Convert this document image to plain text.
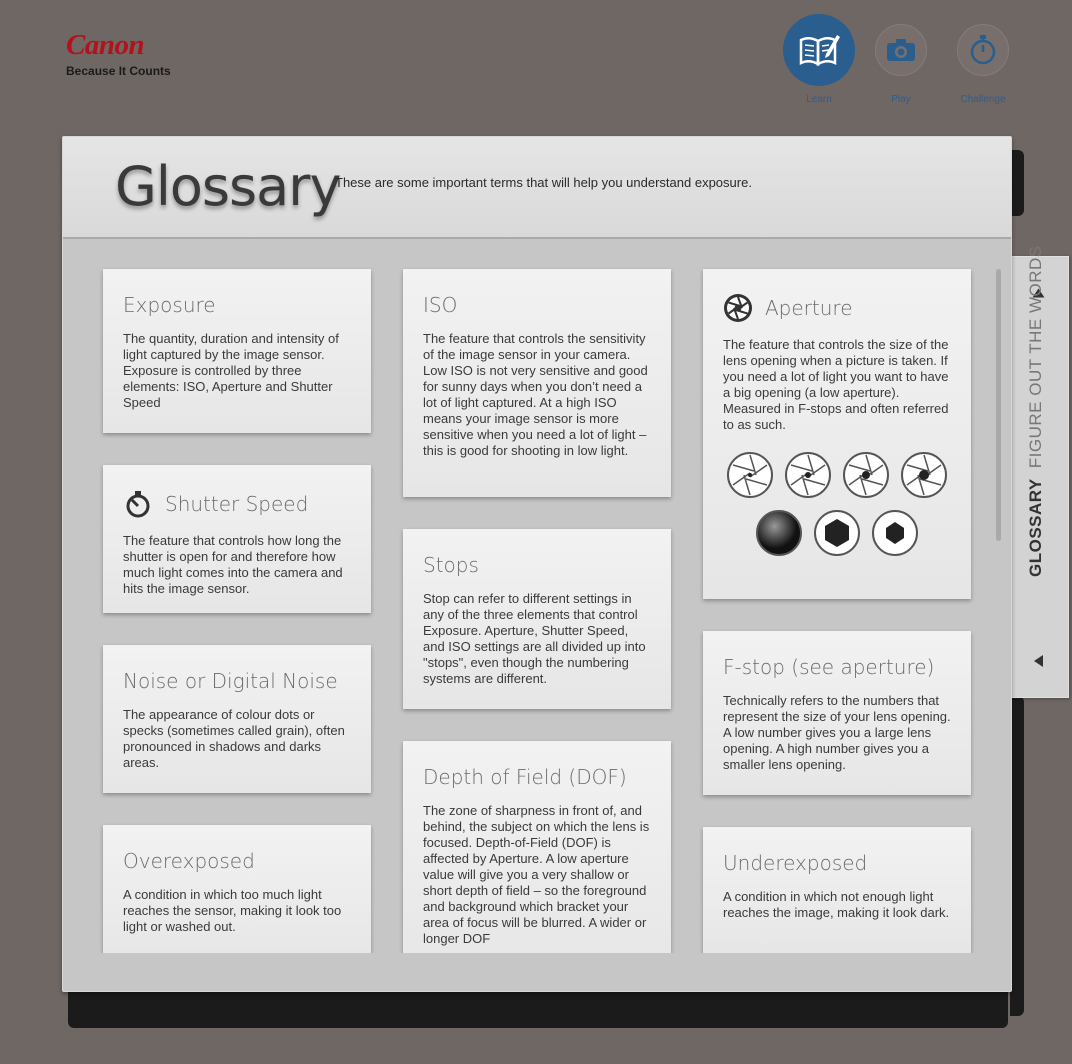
Canon
Because It Counts
Learn	Play	Challenge
GLOSSARYFIGURE OUT THE WORDS
Glossary
These are some important terms that will help you understand exposure.
Exposure
The quantity, duration and intensity of light captured by the image sensor. Exposure is controlled by three elements: ISO, Aperture and Shutter Speed
Shutter Speed
The feature that controls how long the shutter is open for and therefore how much light comes into the camera and hits the image sensor.
Noise or Digital Noise
The appearance of colour dots or specks (sometimes called grain), often pronounced in shadows and darks areas.
Overexposed
A condition in which too much light reaches the sensor, making it look too light or washed out.
ISO
The feature that controls the sensitivity of the image sensor in your camera. Low ISO is not very sensitive and good for sunny days when you don’t need a lot of light captured. At a high ISO means your image sensor is more sensitive when you need a lot of light – this is good for shooting in low light.
Stops
Stop can refer to different settings in any of the three elements that control Exposure. Aperture, Shutter Speed, and ISO settings are all divided up into "stops", even though the numbering systems are different.
Depth of Field (DOF)
The zone of sharpness in front of, and behind, the subject on which the lens is focused. Depth-of-Field (DOF) is affected by Aperture. A low aperture value will give you a very shallow or short depth of field – so the foreground and background which bracket your area of focus will be blurred. A wider or longer DOF
Aperture
The feature that controls the size of the lens opening when a picture is taken. If you need a lot of light you want to have a big opening (a low aperture). Measured in F-stops and often referred to as such.
F-stop (see aperture)
Technically refers to the numbers that represent the size of your lens opening. A low number gives you a large lens opening. A high number gives you a smaller lens opening.
Underexposed
A condition in which not enough light reaches the image, making it look dark.
